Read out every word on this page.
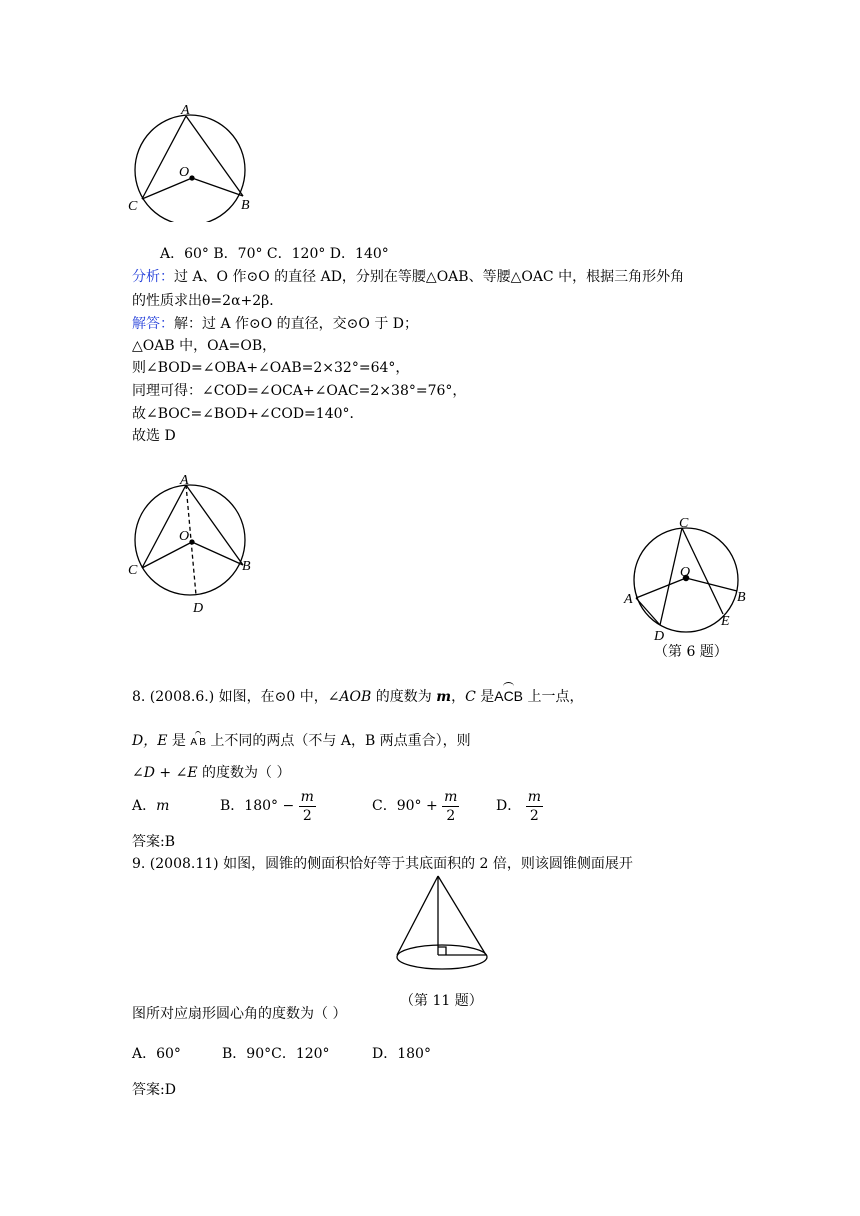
A
O
C	B
A．60° B．70° C．120° D．140°
分析：过 A、O 作⊙O 的直径 AD，分别在等腰△OAB、等腰△OAC 中，根据三角形外角
的性质求出θ=2α+2β．
解答：解：过 A 作⊙O 的直径，交⊙O 于 D；
△OAB 中，OA=OB，
则∠BOD=∠OBA+∠OAB=2×32°=64°，
同理可得：∠COD=∠OCA+∠OAC=2×38°=76°，
故∠BOC=∠BOD+∠COD=140°．
故选 D
A
O
C	B
D
C
O
A	B
D
E
（第 6 题）
8. (2008.6.) 如图，在⊙0 中，∠AOB 的度数为 m，C 是ACB 上一点，
D，E 是 A B 上不同的两点（不与 A，B 两点重合），则
∠D + ∠E 的度数为（ ）
A．m	B．$180^\circ - \frac{m}{2}$	C．$90^\circ + \frac{m}{2}$	D． $\frac{m}{2}$
答案:B
9. (2008.11) 如图，圆锥的侧面积恰好等于其底面积的 2 倍，则该圆锥侧面展开
（第 11 题）
图所对应扇形圆心角的度数为（ ）
A．60°	B．90°C．120°	D．180°
答案:D
